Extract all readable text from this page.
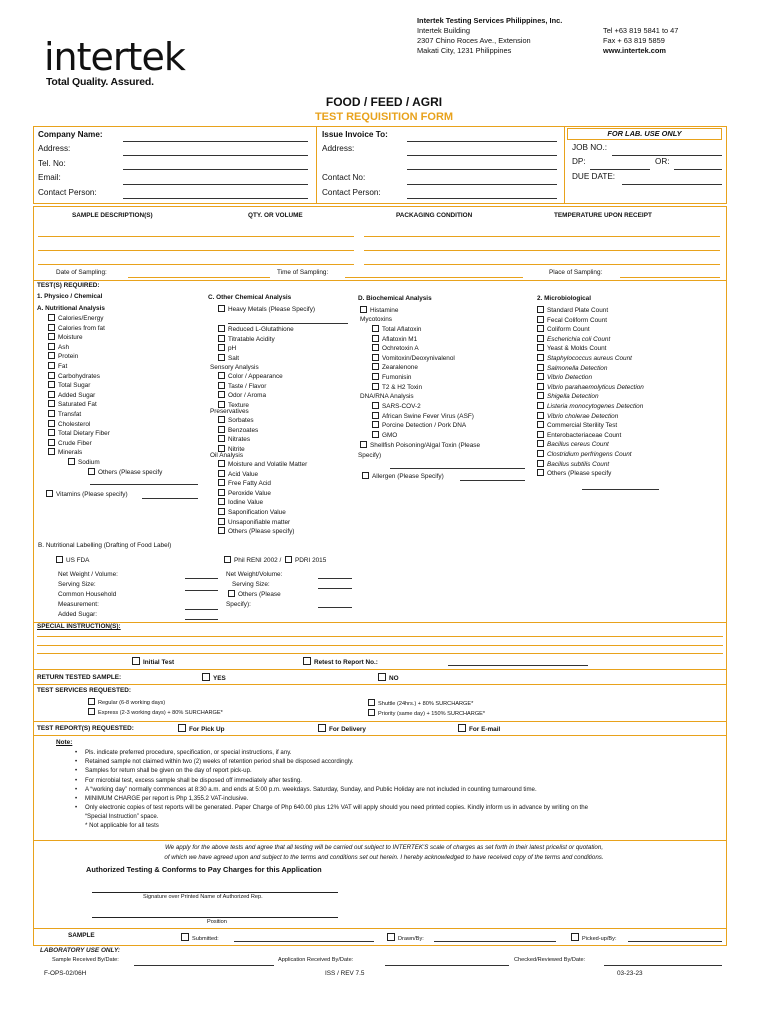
intertek
Total Quality. Assured.
Intertek Testing Services Philippines, Inc.
Intertek Building
2307 Chino Roces Ave., Extension
Makati City, 1231 Philippines
Tel +63 819 5841 to 47
Fax + 63 819 5859
www.intertek.com
FOOD / FEED / AGRI
TEST REQUISITION FORM
Company Name:
Address:
Tel. No:
Email:
Contact Person:
Issue Invoice To:
Address:
Contact No:
Contact Person:
FOR LAB. USE ONLY
JOB NO.:
DP:	OR:
DUE DATE:
SAMPLE DESCRIPTION(S)	QTY. OR VOLUME	PACKAGING CONDITION	TEMPERATURE UPON RECEIPT
Date of Sampling:	Time of Sampling:	Place of Sampling:
TEST(S) REQUIRED:
1. Physico / Chemical
A. Nutritional Analysis
Calories/Energy
Calories from fat
Moisture
Ash
Protein
Fat
Carbohydrates
Total Sugar
Added Sugar
Saturated Fat
Transfat
Cholesterol
Total Dietary Fiber
Crude Fiber
Minerals
Sodium
Others (Please specify
Vitamins (Please specify)
C. Other Chemical Analysis
Heavy Metals (Please Specify)
Reduced L-Glutathione
Titratable Acidity
pH
Salt
Sensory Analysis
Color / Appearance
Taste / Flavor
Odor / Aroma
Texture
Preservatives
Sorbates
Benzoates
Nitrates
Nitrite
Oil Analysis
Moisture and Volatile Matter
Acid Value
Free Fatty Acid
Peroxide Value
Iodine Value
Saponification Value
Unsaponifiable matter
Others (Please specify)
D. Biochemical Analysis
Histamine
Mycotoxins
Total Aflatoxin
Aflatoxin M1
Ochretoxin A
Vomitoxin/Deoxynivalenol
Zearalenone
Fumonisin
T2 & H2 Toxin
DNA/RNA Analysis
SARS-COV-2
African Swine Fever Virus (ASF)
Porcine Detection / Pork DNA
GMO
Shellfish Poisoning/Algal Toxin (Please
Specify)
Allergen (Please Specify)
2. Microbiological
Standard Plate Count
Fecal Coliform Count
Coliform Count
Escherichia coli Count
Yeast & Molds Count
Staphylococcus aureus Count
Salmonella Detection
Vibrio Detection
Vibrio parahaemolyticus Detection
Shigella Detection
Listeria monocytogenes Detection
Vibrio cholerae Detection
Commercial Sterility Test
Enterobacteriaceae Count
Bacillus cereus Count
Clostridium perfringens Count
Bacillus subtilis Count
Others (Please specify
B. Nutritional Labelling (Drafting of Food Label)
US FDA	Phil RENI 2002 / PDRI 2015
Net Weight / Volume:
Serving Size:
Common Household
Measurement:
Added Sugar:
Net Weight/Volume:
Serving Size:
Others (Please
Specify):
SPECIAL INSTRUCTION(S):
Initial Test	Retest to Report No.:
RETURN TESTED SAMPLE:	YES	NO
TEST SERVICES REQUESTED:
Regular (6-8 working days)
Express (2-3 working days) + 80% SURCHARGE*
Shuttle (24hrs.) + 80% SURCHARGE*
Priority (same day) + 150% SURCHARGE*
TEST REPORT(S) REQUESTED:	For Pick Up	For Delivery	For E-mail
Note:
• Pls. indicate preferred procedure, specification, or special instructions, if any.
• Retained sample not claimed within two (2) weeks of retention period shall be disposed accordingly.
• Samples for return shall be given on the day of report pick-up.
• For microbial test, excess sample shall be disposed off immediately after testing.
• A “working day” normally commences at 8:30 a.m. and ends at 5:00 p.m. weekdays. Saturday, Sunday, and Public Holiday are not included in counting turnaround time.
• MINIMUM CHARGE per report is Php 1,355.2 VAT-inclusive.
• Only electronic copies of test reports will be generated. Paper Charge of Php 640.00 plus 12% VAT will apply should you need printed copies. Kindly inform us in advance by writing on the
“Special Instruction” space.
* Not applicable for all tests
We apply for the above tests and agree that all testing will be carried out subject to INTERTEK'S scale of charges as set forth in their latest pricelist or quotation,
of which we have agreed upon and subject to the terms and conditions set out herein. I hereby acknowledged to have received copy of the terms and conditions.
Authorized Testing & Conforms to Pay Charges for this Application
Signature over Printed Name of Authorized Rep.
Position
SAMPLE	Submitted:	Drawn/By:	Picked-up/By:
LABORATORY USE ONLY:
Sample Received By/Date:	Application Received By/Date:	Checked/Reviewed By/Date:
F-OPS-02/06H	ISS / REV 7.5	03-23-23
